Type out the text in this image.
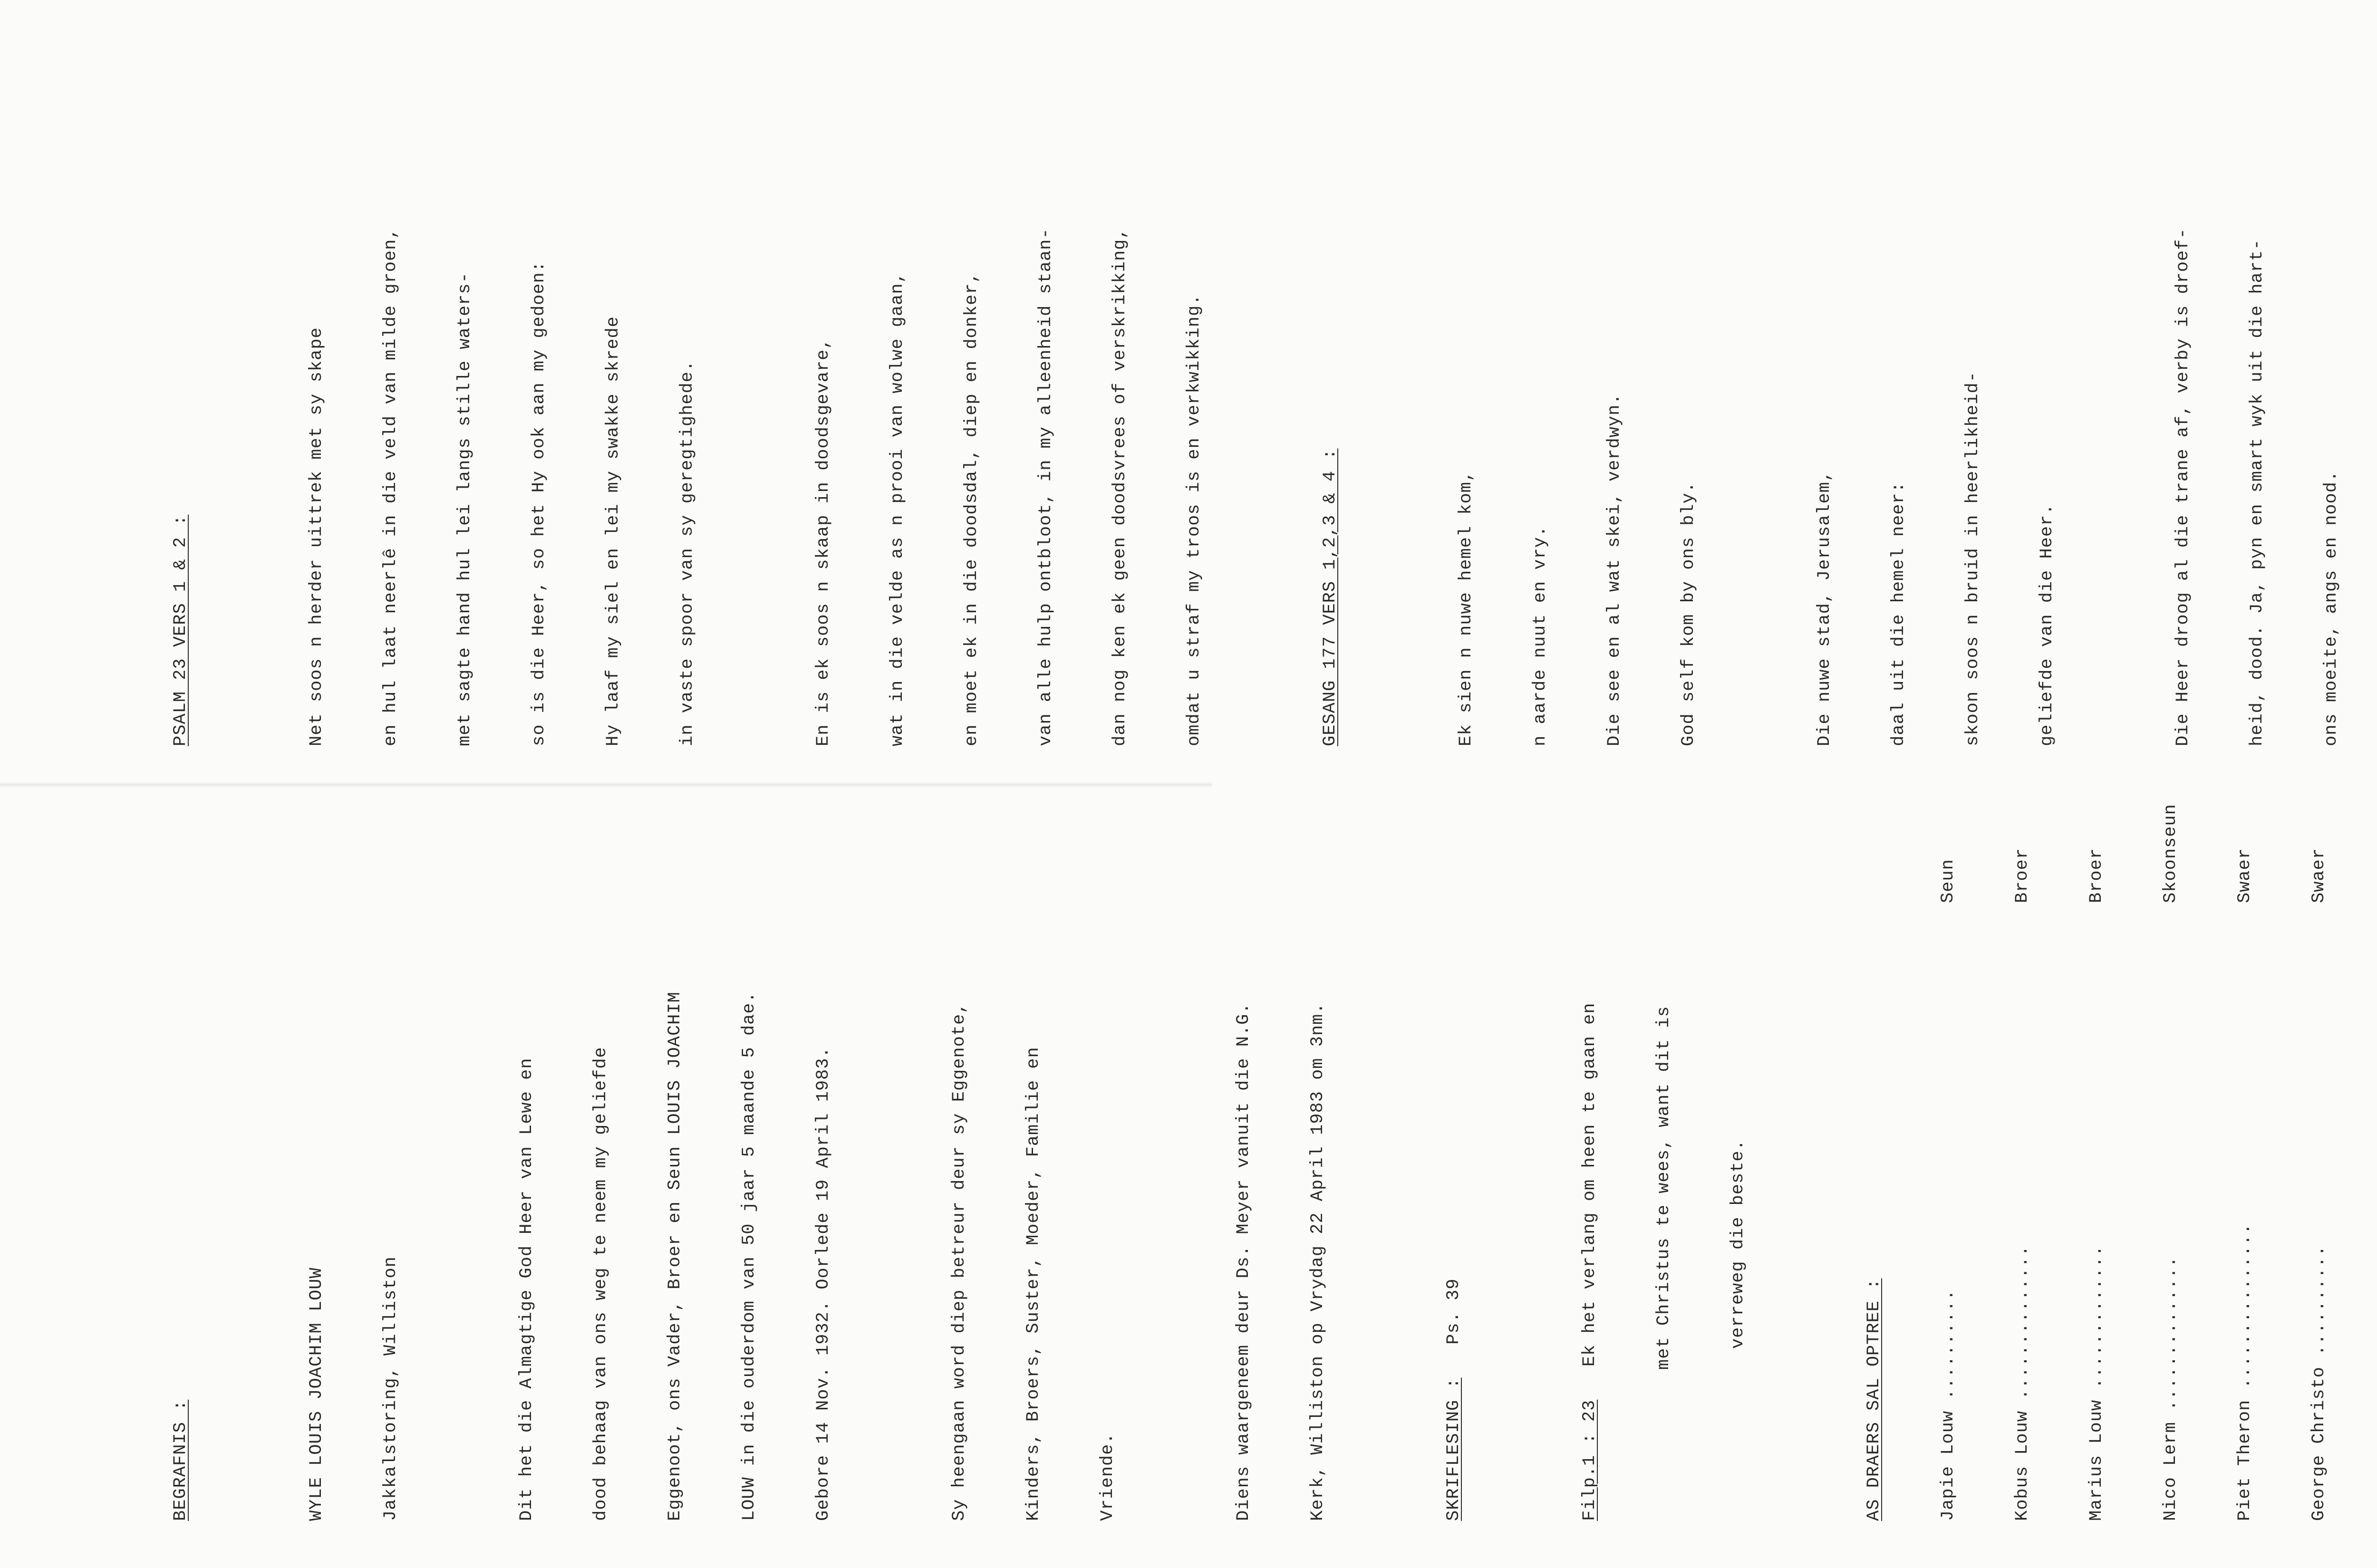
BEGRAFNIS :

	WYLE LOUIS JOACHIM LOUW

	Jakkalstoring, Williston

	Dit het die Almagtige God Heer van Lewe en

	dood behaag van ons weg te neem my geliefde

	Eggenoot, ons Vader, Broer en Seun LOUIS JOACHIM

	LOUW in die ouderdom van 50 jaar 5 maande 5 dae.

	Gebore 14 Nov. 1932. Oorlede 19 April 1983.

	Sy heengaan word diep betreur deur sy Eggenote,

	Kinders, Broers, Suster, Moeder, Familie en

	Vriende.

	Diens waargeneem deur Ds. Meyer vanuit die N.G.

	Kerk, Williston op Vrydag 22 April 1983 om 3nm.

	SKRIFLESING :   Ps. 39

Filp.1 : 23   Ek het verlang om heen te gaan en

	met Christus te wees, want dit is

	verreweg die beste.

AS DRAERS SAL OPTREE :

	Japie Louw ..........
Seun

Kobus Louw ..............
Broer

Marius Louw .............
Broer

Nico Lerm ..............
Skoonseun

Piet Theron ...............
Swaer

George Christo ..........
Swaer

PSALM 23 VERS 1 & 2 :

	Net soos n herder uittrek met sy skape

	en hul laat neerlê in die veld van milde groen,

	met sagte hand hul lei langs stille waters-

	so is die Heer, so het Hy ook aan my gedoen:

	Hy laaf my siel en lei my swakke skrede

	in vaste spoor van sy geregtighede.

	En is ek soos n skaap in doodsgevare,

	wat in die velde as n prooi van wolwe gaan,

	en moet ek in die doodsdal, diep en donker,

	van alle hulp ontbloot, in my alleenheid staan-

	dan nog ken ek geen doodsvrees of verskrikking,

	omdat u straf my troos is en verkwikking.

	GESANG 177 VERS 1,2,3 & 4 :

	Ek sien n nuwe hemel kom,

	n aarde nuut en vry.

	Die see en al wat skei, verdwyn.

	God self kom by ons bly.

	Die nuwe stad, Jerusalem,

	daal uit die hemel neer:

	skoon soos n bruid in heerlikheid-

	geliefde van die Heer.

	Die Heer droog al die trane af, verby is droef-

	heid, dood. Ja, pyn en smart wyk uit die hart-

	ons moeite, angs en nood.
